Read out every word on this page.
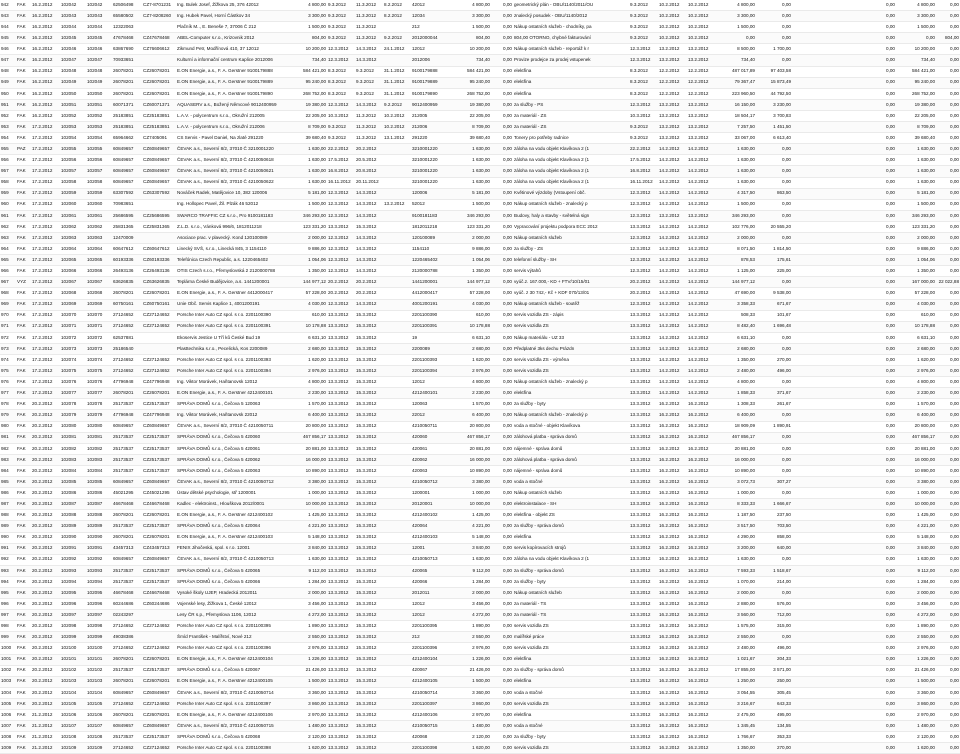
942	FAK	16.2.2012	102042	102042	62506498	CZ7-8701231	Ing. Bulek Josef, Žižkova 25, 376 42012	4 800,00	9.3.2012	11.3.2012	8.2.2012	42012	4 800,00	0,00	geometrický plán - OBU/1140/2011/OU	9.3.2012	10.2.2012	10.2.2012	4 800,00	0,00		0,00	4 800,00	0,00
943	FAK	16.2.2012	102043	102043	65580502	CZ7-8208260	Ing. Hubek Pavel, Horní Částkov 34	3 300,00	9.3.2012	11.3.2012	8.2.2012	12034	3 300,00	0,00	znalecký posudek - OBU/1140/2012	9.3.2012	10.2.2012	10.2.2012	3 300,00	0,00		0,00	3 300,00	0,00
944	FAK	16.2.2012	102044	102044	12322063		Plačník M.., E. Beneše 7, 37006 Č 212	1 500,00	9.3.2012	11.3.2012		212	1 500,00	0,00	Nákup ostatních služeb - chodníky, pa	9.3.2012	10.2.2012	10.2.2012	1 500,00	0,00		0,00	1 500,00	0,00
945	FAK	16.2.2012	102045	102045	47678468	CZ47678468	ABEL-Computer s.r.o., Krizovnik 2012	804,00	9.3.2012	11.3.2012	9.2.2012	2012000044	804,00	0,00	804,00 OTORNO, chybné fakturování	9.3.2012	10.2.2012	10.2.2012	0,00	0,00		0,00	0,00	804,00
946	FAK	16.2.2012	102046	102046	63867690	CZ76606612	Zikmund Petr, Modřínová 410, 37 12012	10 200,00	12.3.2012	14.3.2012	24.1.2012	12012	10 200,00	0,00	Nákup ostatních služeb - reportáž k r	12.3.2012	13.2.2012	13.2.2012	8 500,00	1 700,00		0,00	10 200,00	0,00
947	FAK	16.2.2012	102047	102047	70933651		Kulturní a informační centrum Kaplice 2012006	734,40	12.3.2012	14.3.2012		2012006	734,40	0,00	Provize prodejce za prodej vstupenek	12.3.2012	13.2.2012	13.2.2012	734,40	0,00		0,00	734,40	0,00
948	FAK	16.2.2012	102048	102048	26078201	CZ26078201	E.ON Energie, a.s., F. A. Gerstner 9100179888	584 421,00	8.3.2012	9.3.2012	31.1.2012	9100179888	584 421,00	0,00	elektřina	8.3.2012	12.2.2012	12.2.2012	487 017,89	97 403,58		0,00	584 421,00	0,00
949	FAK	16.2.2012	102049	102049	26078201	CZ26078201	E.ON Energie, a.s., F. A. Gerstner 9100179889	95 240,00	8.3.2012	9.3.2012	31.1.2012	9100179889	95 240,00	0,00	elektřina	8.3.2012	12.2.2012	12.2.2012	79 367,47	15 873,49		0,00	95 240,00	0,00
950	FAK	16.2.2012	102050	102050	26078201	CZ26078201	E.ON Energie, a.s., F. A. Gerstner 9100179890	268 752,00	8.3.2012	9.3.2012	31.1.2012	9100179890	268 752,00	0,00	elektřina	8.3.2012	12.2.2012	12.2.2012	223 960,50	44 792,50		0,00	268 752,00	0,00
951	FAK	16.2.2012	102051	102051	60071371	CZ60071371	AQUASERV a.s., Božený Němcové 9012400959	19 380,00	12.3.2012	14.3.2012	9.2.2012	9012400959	19 380,00	0,00	za služby - PS	12.3.2012	13.2.2012	13.2.2012	16 150,00	3 230,00		0,00	19 380,00	0,00
952	FAK	16.2.2012	102052	102052	25183851	CZ25183851	L.A.V. - polycentrum s.r.o., Okružní 212005	22 205,00	10.3.2012	11.3.2012	10.2.2012	212005	22 205,00	0,00	za materiál - ZS	10.3.2012	13.2.2012	13.2.2012	18 504,17	3 700,83		0,00	22 205,00	0,00
953	FAK	17.2.2012	102053	102053	25183851	CZ25183851	L.A.V. - polycentrum s.r.o., Okružní 212006	8 709,00	9.3.2012	11.3.2012	10.2.2012	212006	8 709,00	0,00	za materiál - ZS	9.3.2012	13.2.2012	13.2.2012	7 257,50	1 451,50		0,00	8 709,00	0,00
954	FAK	17.2.2012	102054	102054	65964662	CZ7405091	CS Servis - Pavel Daniel, Na zlaté 291220	39 680,40	9.3.2012	11.3.2012	13.1.2012	291220	39 680,40	0,00	Tonery pro potřeby radnice	9.3.2012	13.2.2012	13.2.2012	33 067,00	6 613,40		0,00	39 680,40	0,00
955	PAZ	17.2.2012	102055	102055	60849657	CZ60849657	ČEVAK a.s., Severní 8/2, 37010 Č 3210001220	1 630,00	22.2.2012	20.2.2012		3210001220	1 630,00	0,00	záloha na vodu objekt Klavíkova 2 (1	22.2.2012	14.2.2012	14.2.2012	1 630,00	0,00		0,00	1 630,00	0,00
956	FAK	17.2.2012	102056	102056	60849657	CZ60849657	ČEVAK a.s., Severní 8/2, 37010 Č 4210050618	1 630,00	17.5.2012	20.5.2012		3210001220	1 630,00	0,00	záloha na vodu objekt Klavíkova 2 (1	17.5.2012	14.2.2012	14.2.2012	1 630,00	0,00		0,00	1 630,00	0,00
957	FAK	17.2.2012	102057	102057	60849657	CZ60849657	ČEVAK a.s., Severní 8/2, 37010 Č 4210050621	1 630,00	16.8.2012	20.8.2012		3210001220	1 630,00	0,00	záloha na vodu objekt Klavíkova 2 (1	16.8.2012	14.2.2012	14.2.2012	1 630,00	0,00		0,00	1 630,00	0,00
958	FAK	17.2.2012	102058	102058	60849657	CZ60849657	ČEVAK a.s., Severní 8/2, 37010 Č 4210050622	1 630,00	16.11.2012	20.11.2012		3210001220	1 630,00	0,00	záloha na vodu objekt Klavíkova 2 (1	16.11.2012	14.2.2012	14.2.2012	1 630,00	0,00		0,00	1 630,00	0,00
959	FAK	17.2.2012	102059	102059	63307592	CZ63307592	Nováček Radek, Matějovice 10, 382 120006	5 181,00	12.3.2012	14.3.2012		120006	5 181,00	0,00	Květinové výzdoby (Vstoupení obč.	12.3.2012	14.2.2012	14.2.2012	4 317,50	863,50		0,00	5 181,00	0,00
960	FAK	17.2.2012	102060	102060	70983651		Ing. Hollopec Pavel, Žil. Plzák 46 52012	1 500,00	12.3.2012	14.3.2012	13.2.2012	52012	1 500,00	0,00	Nákup ostatních služeb - znalecký p	12.3.2012	14.2.2012	14.2.2012	1 500,00	0,00		0,00	1 500,00	0,00
961	FAK	17.2.2012	102061	102061	25686595	CZ25686595	SWARCO TRAFFIC CZ s.r.o., Pro 9100181183	346 293,00	12.3.2012	14.3.2012		9100181183	346 293,00	0,00	Budovy, haly a stavby - světelná sign	12.3.2012	13.2.2012	13.2.2012	346 293,00	0,00		0,00	346 293,00	0,00
962	FAK	17.2.2012	102062	102062	25831365	CZ25831365	Z.L.D. s.r.o., Vánková 996/6, 1812011218	123 331,20	13.3.2012	15.3.2012		1812011218	123 331,20	0,00	Vypracování projektu podpora ECC 2012	13.3.2012	14.2.2012	14.2.2012	102 776,00	20 555,20		0,00	123 331,20	0,00
963	FAK	17.2.2012	102063	102063	12470009		Asociace prac. v plavecký. Kond 120100089	2 000,00	12.3.2012	14.3.2012		120100089	2 000,00	0,00	Nákup ostatních služeb	12.3.2012	14.2.2012	14.2.2012	2 000,00	0,00		0,00	2 000,00	0,00
964	FAK	17.2.2012	102064	102064	60647612	CZ60647612	Linecký SVŠ, s.r.o., Linecká 845, 3 1154110	9 886,00	12.3.2012	14.3.2012		1154110	9 886,00	0,00	za služby - ZS	12.3.2012	14.2.2012	14.2.2012	8 071,50	1 814,50		0,00	9 886,00	0,00
965	FAK	17.2.2012	102065	102065	60193336	CZ60193336	Telefónica Czech Republic, a.s. 1220465402	1 054,06	12.3.2012	14.3.2012		1220465402	1 054,06	0,00	telefonní služby - SH	12.3.2012	14.2.2012	14.2.2012	878,53	175,61		0,00	1 054,06	0,00
966	FAK	17.2.2012	102066	102066	26493136	CZ26493136	OTIS Czech s.r.o., Přemyslovská 2 2120000788	1 350,00	12.3.2012	14.3.2012		2120000788	1 350,00	0,00	servis výtahů	12.3.2012	14.2.2012	14.2.2012	1 125,00	225,00		0,00	1 350,00	0,00
967	VYZ	17.2.2012	102067	102067	63626835	CZ63626835	Teplárna České Budějovice, a.s. 1441200001	144 977,12	20.2.2012	20.2.2012		1441200001	144 977,12	0,00	vyúč.z. 167.000,- KD + FTV/10/15/01	20.2.2012	14.2.2012	14.2.2012	144 977,12	0,00		0,00	167 000,00	22 022,88
968	FAK	17.2.2012	102068	102068	26078201	CZ26078201	E.ON Energie, a.s., F. A. Gerstner 4412000417	57 228,00	20.2.2012	20.2.2012		4412000417	57 228,00	0,00	vyúč. z 30 742,- Kč + KDF 070/13/01	20.2.2012	14.2.2012	14.2.2012	47 690,00	9 538,00		0,00	57 228,00	0,00
969	FAK	17.2.2012	102069	102069	60750161	CZ60750161	Unie Obč. Servis Kaplice 1, 4001200191	4 030,00	12.3.2012	14.3.2012		4001200191	4 030,00	0,00	Nákup ostatních služeb - soutěž	12.3.2012	14.2.2012	14.2.2012	3 358,33	671,67		0,00	4 030,00	0,00
970	FAK	17.2.2012	102070	102070	27124652	CZ27124652	Porsche Inter Auto CZ spol. s r.o. 2201100390	610,00	13.3.2012	15.3.2012		2201100390	610,00	0,00	servis vozidla ZS - zápis	13.3.2012	14.2.2012	14.2.2012	508,33	101,67		0,00	610,00	0,00
971	FAK	17.2.2012	102071	102071	27124652	CZ27124652	Porsche Inter Auto CZ spol. s r.o. 2201100391	10 178,88	13.3.2012	15.3.2012		2201100391	10 178,88	0,00	servis vozidla ZS	13.3.2012	14.2.2012	14.2.2012	8 482,40	1 696,48		0,00	10 178,88	0,00
972	FAK	17.2.2012	102072	102072	62537881		Ekoservis Jestice U Tří ků České Bud 19	6 631,10	13.3.2012	15.3.2012		19	6 631,10	0,00	Nákup materiálu - UZ 33	13.3.2012	14.2.2012	14.2.2012	6 631,10	0,00		0,00	6 631,10	0,00
973	FAK	17.2.2012	102073	102073	25186540		Plasttechnika s.r.o., Pecelická, Kos 2200089	2 680,00	13.3.2012	15.3.2012		2200089	2 680,00	0,00	Předplatné 3ks dechu Prázdn	13.3.2012	14.2.2012	14.2.2012	2 680,00	0,00		0,00	2 680,00	0,00
974	FAK	17.2.2012	102074	102074	27124652	CZ27124652	Porsche Inter Auto CZ spol. s r.o. 2201100393	1 620,00	13.3.2012	15.3.2012		2201100393	1 620,00	0,00	servis vozidla ZS - výměna	13.3.2012	14.2.2012	14.2.2012	1 350,00	270,00		0,00	1 620,00	0,00
975	FAK	17.2.2012	102075	102075	27124652	CZ27124652	Porsche Inter Auto CZ spol. s r.o. 2201100394	2 976,00	13.3.2012	15.3.2012		2201100394	2 976,00	0,00	servis vozidla ZS	13.3.2012	14.2.2012	14.2.2012	2 480,00	496,00		0,00	2 976,00	0,00
976	FAK	17.2.2012	102076	102076	47796948	CZ47796948	Ing. Viktor Morávek, Haňtanovsk 12012	4 800,00	13.3.2012	15.3.2012		12012	4 800,00	0,00	Nákup ostatních služeb - znalecký p	13.3.2012	14.2.2012	14.2.2012	4 800,00	0,00		0,00	4 800,00	0,00
977	FAK	17.2.2012	102077	102077	26078201	CZ26078201	E.ON Energie, a.s., F. A. Gerstner 4212400101	2 230,00	13.3.2012	15.3.2012		4212400101	2 230,00	0,00	elektřina	13.3.2012	14.2.2012	14.2.2012	1 858,33	371,67		0,00	2 230,00	0,00
978	FAK	20.2.2012	102078	102078	25173537	CZ25173537	SPRÁVA DOMŮ s.r.o., Čečova 5 120063	1 570,00	13.3.2012	15.3.2012		120063	1 570,00	0,00	za služby - byty	13.3.2012	16.2.2012	16.2.2012	1 308,33	261,67		0,00	1 570,00	0,00
979	FAK	20.2.2012	102079	102079	47796948	CZ47796948	Ing. Viktor Morávek, Haňtanovsk 22012	6 400,00	13.3.2012	15.3.2012		22012	6 400,00	0,00	Nákup ostatních služeb - znalecký p	13.3.2012	16.2.2012	16.2.2012	6 400,00	0,00		0,00	6 400,00	0,00
980	FAK	20.2.2012	102080	102080	60849657	CZ60849657	ČEVAK a.s., Severní 8/2, 37010 Č 4210050711	20 800,00	13.3.2012	15.3.2012		4210050711	20 800,00	0,00	voda a stočné - objekt Klavíkova	13.3.2012	16.2.2012	16.2.2012	18 909,09	1 890,91		0,00	20 800,00	0,00
981	FAK	20.2.2012	102081	102081	25173537	CZ25173537	SPRÁVA DOMŮ s.r.o., Čečova 5 420060	467 856,17	13.3.2012	15.3.2012		420060	467 856,17	0,00	zálohová platba - správa domů	13.3.2012	16.2.2012	16.2.2012	467 856,17	0,00		0,00	467 856,17	0,00
982	FAK	20.2.2012	102082	102082	25173537	CZ25173537	SPRÁVA DOMŮ s.r.o., Čečova 5 420061	20 881,00	13.3.2012	15.3.2012		420061	20 881,00	0,00	nájemné - správa domů	13.3.2012	16.2.2012	16.2.2012	20 881,00	0,00		0,00	20 881,00	0,00
983	FAK	20.2.2012	102083	102083	25173537	CZ25173537	SPRÁVA DOMŮ s.r.o., Čečova 5 420062	16 000,00	13.3.2012	15.3.2012		420062	16 000,00	0,00	zálohová platba - správa domů	13.3.2012	16.2.2012	16.2.2012	16 000,00	0,00		0,00	16 000,00	0,00
984	FAK	20.2.2012	102084	102084	25173537	CZ25173537	SPRÁVA DOMŮ s.r.o., Čečova 5 420063	10 890,00	13.3.2012	15.3.2012		420063	10 890,00	0,00	nájemné - správa domů	13.3.2012	16.2.2012	16.2.2012	10 890,00	0,00		0,00	10 890,00	0,00
985	FAK	20.2.2012	102085	102085	60849657	CZ60849657	ČEVAK a.s., Severní 8/2, 37010 Č 4210050712	3 380,00	13.3.2012	15.3.2012		4210050712	3 380,00	0,00	voda a stočné	13.3.2012	16.2.2012	16.2.2012	3 072,73	307,27		0,00	3 380,00	0,00
986	FAK	20.2.2012	102086	102086	45021295	CZ45021295	Ústav dětské psychologie, stř 1200001	1 000,00	13.3.2012	15.3.2012		1200001	1 000,00	0,00	Nákup ostatních služeb	13.3.2012	16.2.2012	16.2.2012	1 000,00	0,00		0,00	1 000,00	0,00
987	FAK	20.2.2012	102087	102087	46678468	CZ46678468	Kadlec - elektroinst., Hlouškova 2012/0001	10 000,00	13.3.2012	15.3.2012		20120001	10 000,00	0,00	elektroinstalace - SH	13.3.2012	16.2.2012	16.2.2012	8 333,33	1 666,67		0,00	10 000,00	0,00
988	FAK	20.2.2012	102088	102088	26078201	CZ26078201	E.ON Energie, a.s., F. A. Gerstner 4212400102	1 425,00	13.3.2012	15.3.2012		4212400102	1 425,00	0,00	elektřina - objekt ZS	13.3.2012	16.2.2012	16.2.2012	1 187,50	237,50		0,00	1 425,00	0,00
989	FAK	20.2.2012	102089	102089	25173537	CZ25173537	SPRÁVA DOMŮ s.r.o., Čečova 5 420064	4 221,00	13.3.2012	15.3.2012		420064	4 221,00	0,00	za služby - správa domů	13.3.2012	16.2.2012	16.2.2012	3 517,50	703,50		0,00	4 221,00	0,00
990	FAK	20.2.2012	102090	102090	26078201	CZ26078201	E.ON Energie, a.s., F. A. Gerstner 4212400103	5 148,00	13.3.2012	15.3.2012		4212400103	5 148,00	0,00	elektřina	13.3.2012	16.2.2012	16.2.2012	4 290,00	858,00		0,00	5 148,00	0,00
991	FAK	20.2.2012	102091	102091	43457313	CZ43457313	FENIX Jihočeská, spol. s r.o. 12001	3 840,00	13.3.2012	15.3.2012		12001	3 840,00	0,00	servis kopírovacích strojů	13.3.2012	16.2.2012	16.2.2012	3 200,00	640,00		0,00	3 840,00	0,00
992	FAK	20.2.2012	102092	102092	60849657	CZ60849657	ČEVAK a.s., Severní 8/2, 37010 Č 4210050713	1 630,00	13.3.2012	15.3.2012		4210050713	1 630,00	0,00	záloha na vodu objekt Klavíkova 2 (1	13.3.2012	16.2.2012	16.2.2012	1 630,00	0,00		0,00	1 630,00	0,00
993	FAK	20.2.2012	102093	102093	25173537	CZ25173537	SPRÁVA DOMŮ s.r.o., Čečova 5 420065	9 112,00	13.3.2012	15.3.2012		420065	9 112,00	0,00	za služby - správa domů	13.3.2012	16.2.2012	16.2.2012	7 593,33	1 518,67		0,00	9 112,00	0,00
994	FAK	20.2.2012	102094	102094	25173537	CZ25173537	SPRÁVA DOMŮ s.r.o., Čečova 5 420066	1 284,00	13.3.2012	15.3.2012		420066	1 284,00	0,00	za služby - byty	13.3.2012	16.2.2012	16.2.2012	1 070,00	214,00		0,00	1 284,00	0,00
995	FAK	20.2.2012	102095	102095	46678468	CZ46678468	Vysoké školy UJEP, Hradecká 2012011	2 000,00	13.3.2012	15.3.2012		2012011	2 000,00	0,00	Nákup ostatních služeb	13.3.2012	16.2.2012	16.2.2012	2 000,00	0,00		0,00	2 000,00	0,00
996	FAK	20.2.2012	102096	102096	60244686	CZ60244686	Vojenské lesy, Žižkova 1, České 12012	3 456,00	13.3.2012	15.3.2012		12012	3 456,00	0,00	za materiál - TS	13.3.2012	16.2.2012	16.2.2012	2 880,00	576,00		0,00	3 456,00	0,00
997	FAK	20.2.2012	102097	102097	02243297		Lesy ČR s.p., Přemyslova 1106, 12012	4 272,00	13.3.2012	15.3.2012		12012	4 272,00	0,00	za materiál - TS	13.3.2012	16.2.2012	16.2.2012	3 560,00	712,00		0,00	4 272,00	0,00
998	FAK	20.2.2012	102098	102098	27124652	CZ27124652	Porsche Inter Auto CZ spol. s r.o. 2201100395	1 890,00	13.3.2012	15.3.2012		2201100395	1 890,00	0,00	servis vozidla ZS	13.3.2012	16.2.2012	16.2.2012	1 575,00	315,00		0,00	1 890,00	0,00
999	FAK	20.2.2012	102099	102099	49038386		Šmíd František - Malířství, Nové 212	2 550,00	13.3.2012	15.3.2012		212	2 550,00	0,00	malířské práce	13.3.2012	16.2.2012	16.2.2012	2 550,00	0,00		0,00	2 550,00	0,00
1000	FAK	20.2.2012	102100	102100	27124652	CZ27124652	Porsche Inter Auto CZ spol. s r.o. 2201100396	2 976,00	13.3.2012	15.3.2012		2201100396	2 976,00	0,00	servis vozidla ZS	13.3.2012	16.2.2012	16.2.2012	2 480,00	496,00		0,00	2 976,00	0,00
1001	FAK	20.2.2012	102101	102101	26078201	CZ26078201	E.ON Energie, a.s., F. A. Gerstner 4212400104	1 226,00	13.3.2012	15.3.2012		4212400104	1 226,00	0,00	elektřina	13.3.2012	16.2.2012	16.2.2012	1 021,67	204,33		0,00	1 226,00	0,00
1002	FAK	20.2.2012	102102	102102	25173537	CZ25173537	SPRÁVA DOMŮ s.r.o., Čečova 5 420067	21 426,00	13.3.2012	15.3.2012		420067	21 426,00	0,00	za služby - správa domů	13.3.2012	16.2.2012	16.2.2012	17 855,00	3 571,00		0,00	21 426,00	0,00
1003	FAK	20.2.2012	102103	102103	26078201	CZ26078201	E.ON Energie, a.s., F. A. Gerstner 4212400105	1 500,00	13.3.2012	15.3.2012		4212400105	1 500,00	0,00	elektřina	13.3.2012	16.2.2012	16.2.2012	1 250,00	250,00		0,00	1 500,00	0,00
1004	FAK	20.2.2012	102104	102104	60849657	CZ60849657	ČEVAK a.s., Severní 8/2, 37010 Č 4210050714	3 360,00	13.3.2012	15.3.2012		4210050714	3 360,00	0,00	voda a stočné	13.3.2012	16.2.2012	16.2.2012	3 054,55	305,45		0,00	3 360,00	0,00
1005	FAK	20.2.2012	102105	102105	27124652	CZ27124652	Porsche Inter Auto CZ spol. s r.o. 2201100397	3 860,00	13.3.2012	15.3.2012		2201100397	3 860,00	0,00	servis vozidla ZS	13.3.2012	16.2.2012	16.2.2012	3 216,67	643,33		0,00	3 860,00	0,00
1006	FAK	21.2.2012	102106	102106	26078201	CZ26078201	E.ON Energie, a.s., F. A. Gerstner 4212400106	2 970,00	13.3.2012	15.3.2012		4212400106	2 970,00	0,00	elektřina	13.3.2012	16.2.2012	16.2.2012	2 475,00	495,00		0,00	2 970,00	0,00
1007	FAK	21.2.2012	102107	102107	60849657	CZ60849657	ČEVAK a.s., Severní 8/2, 37010 Č 4210050715	1 480,00	13.3.2012	15.3.2012		4210050715	1 480,00	0,00	voda a stočné	13.3.2012	16.2.2012	16.2.2012	1 345,45	134,55		0,00	1 480,00	0,00
1008	FAK	21.2.2012	102108	102108	25173537	CZ25173537	SPRÁVA DOMŮ s.r.o., Čečova 5 420068	2 120,00	13.3.2012	15.3.2012		420068	2 120,00	0,00	za služby - byty	13.3.2012	16.2.2012	16.2.2012	1 766,67	353,33		0,00	2 120,00	0,00
1009	FAK	21.2.2012	102109	102109	27124652	CZ27124652	Porsche Inter Auto CZ spol. s r.o. 2201100398	1 620,00	13.3.2012	15.3.2012		2201100398	1 620,00	0,00	servis vozidla ZS	13.3.2012	16.2.2012	16.2.2012	1 350,00	270,00		0,00	1 620,00	0,00
